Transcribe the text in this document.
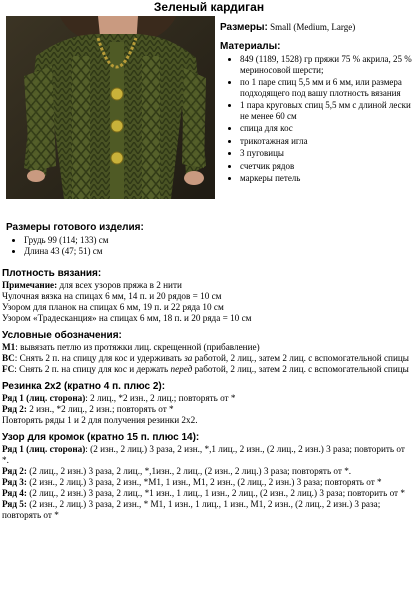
Зеленый кардиган
Размеры: Small (Medium, Large)
Материалы:
• 849 (1189, 1528) гр пряжи 75 % акрила, 25 % мериносовой шерсти;
• по 1 паре спиц 5,5 мм и 6 мм, или размера подходящего под вашу плотность вязания
• 1 пара круговых спиц 5,5 мм с длиной лески не менее 60 см
• спица для кос
• трикотажная игла
• 3 пуговицы
• счетчик рядов
• маркеры петель
Размеры готового изделия:
• Грудь 99 (114; 133) см
• Длина 43 (47; 51) см
Плотность вязания:

Примечание: для всех узоров пряжа в 2 нити

Чулочная вязка на спицах 6 мм, 14 п. и 20 рядов = 10 см

Узором для планок на спицах 6 мм, 19 п. и 22 ряда 10 см

Узором «Традесканция» на спицах 6 мм, 18 п. и 20 ряда = 10 см

Условные обозначения:

M1: вывязать петлю из протяжки лиц. скрещенной (прибавление)

BC: Снять 2 п. на спицу для кос и удерживать за работой, 2 лиц., затем 2 лиц. с вспомогательной спицы

FC: Снять 2 п. на спицу для кос и держать перед работой, 2 лиц., затем 2 лиц. с вспомогательной спицы

Резинка 2х2 (кратно 4 п. плюс 2):

Ряд 1 (лиц. сторона): 2 лиц., *2 изн., 2 лиц.; повторять от *

Ряд 2: 2 изн., *2 лиц., 2 изн.; повторять от *

Повторять ряды 1 и 2 для получения резинки 2х2.

Узор для кромок (кратно 15 п. плюс 14):

Ряд 1 (лиц. сторона): (2 изн., 2 лиц.) 3 раза, 2 изн., *,1 лиц., 2 изн., (2 лиц., 2 изн.) 3 раза; повторить от *.

Ряд 2: (2 лиц., 2 изн.) 3 раза, 2 лиц., *,1изн., 2 лиц., (2 изн., 2 лиц.) 3 раза; повторять от *.

Ряд 3: (2 изн., 2 лиц.) 3 раза, 2 изн., *М1, 1 изн., М1, 2 изн., (2 лиц., 2 изн.) 3 раза; повторять от *

Ряд 4: (2 лиц., 2 изн.) 3 раза, 2 лиц., *1 изн., 1 лиц., 1 изн., 2 лиц., (2 изн., 2 лиц.) 3 раза; повторить от *

Ряд 5: (2 изн., 2 лиц.) 3 раза, 2 изн., * М1, 1 изн., 1 лиц., 1 изн., М1, 2 изн., (2 лиц., 2 изн.) 3 раза; повторять от *
